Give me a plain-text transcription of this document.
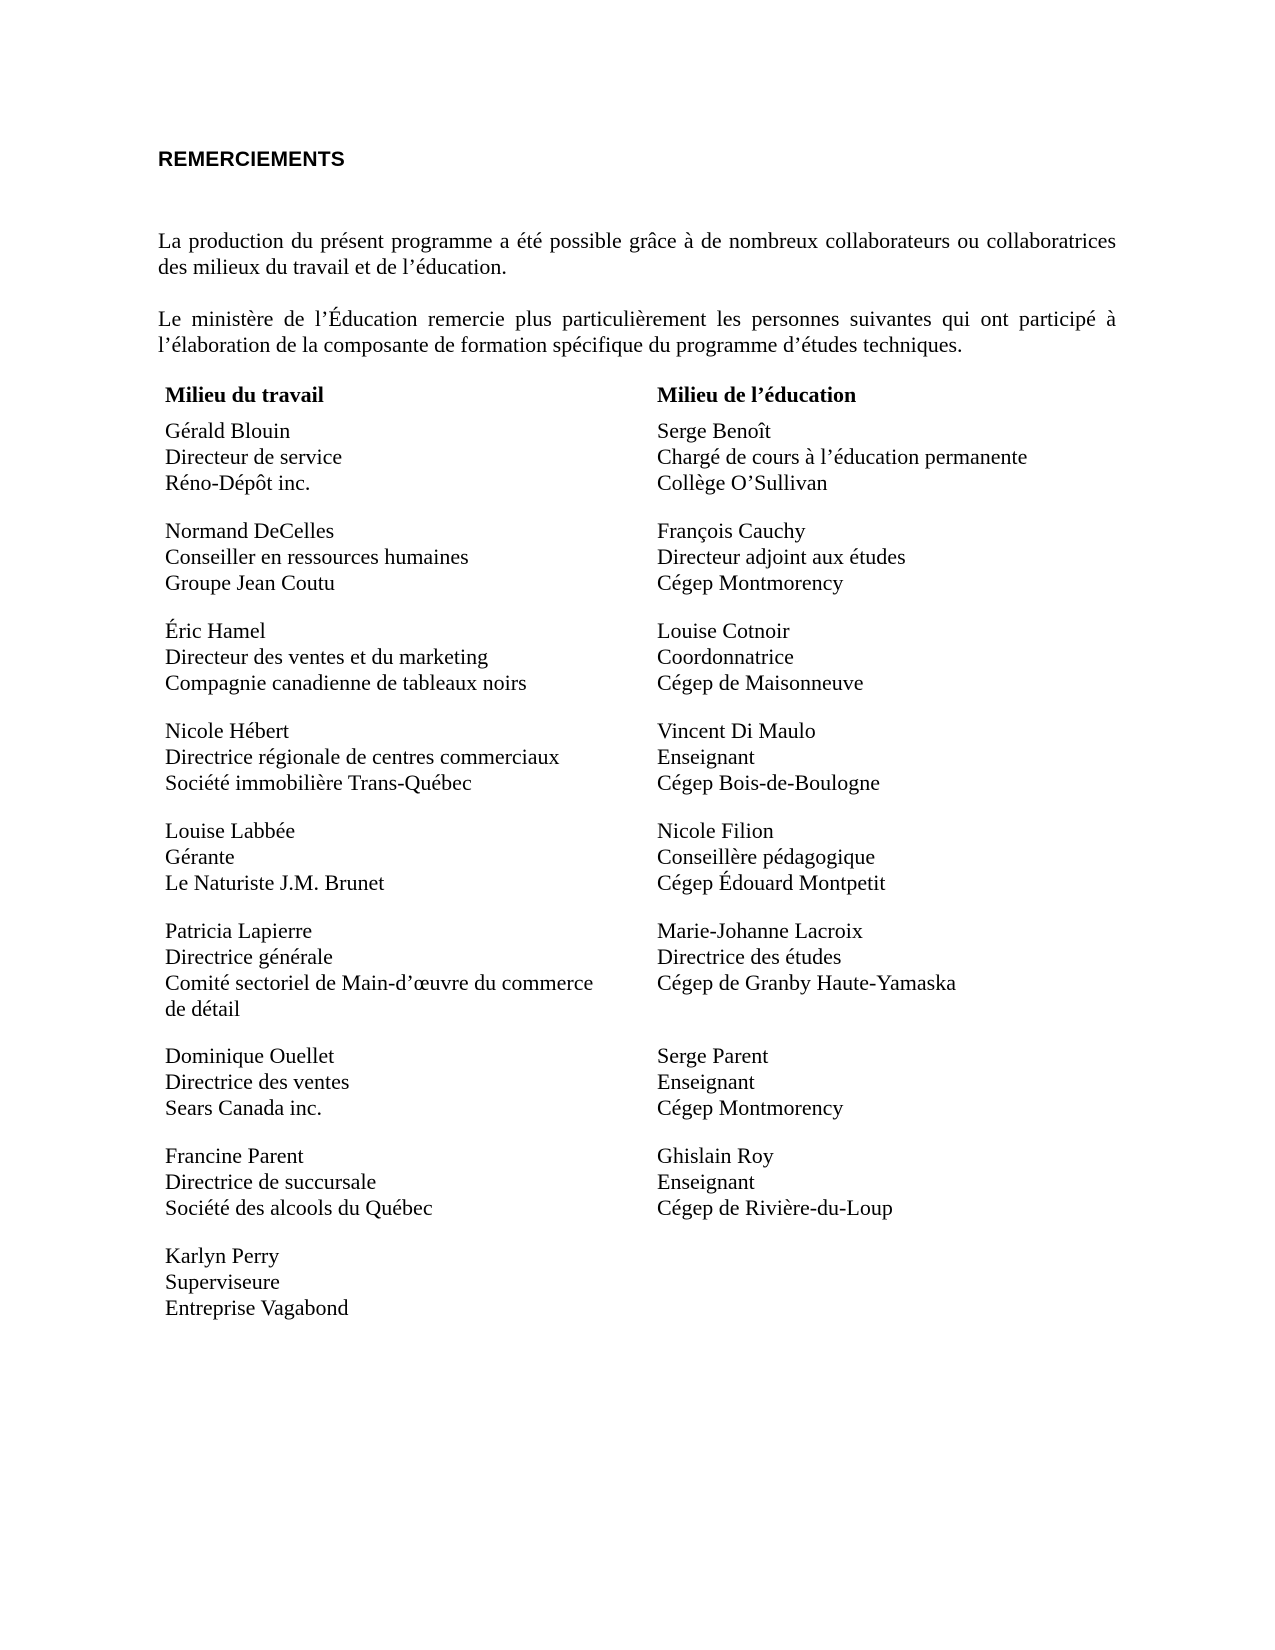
REMERCIEMENTS

La production du présent programme a été possible grâce à de nombreux collaborateurs ou collaboratrices des milieux du travail et de l’éducation.

Le ministère de l’Éducation remercie plus particulièrement les personnes suivantes qui ont participé à l’élaboration de la composante de formation spécifique du programme d’études techniques.

Milieu du travail
Gérald Blouin
Directeur de service
Réno-Dépôt inc.
Normand DeCelles
Conseiller en ressources humaines
Groupe Jean Coutu
Éric Hamel
Directeur des ventes et du marketing
Compagnie canadienne de tableaux noirs
Nicole Hébert
Directrice régionale de centres commerciaux
Société immobilière Trans-Québec
Louise Labbée
Gérante
Le Naturiste J.M. Brunet
Patricia Lapierre
Directrice générale
Comité sectoriel de Main-d’œuvre du commerce
de détail
Dominique Ouellet
Directrice des ventes
Sears Canada inc.
Francine Parent
Directrice de succursale
Société des alcools du Québec
Karlyn Perry
Superviseure
Entreprise Vagabond
Milieu de l’éducation
Serge Benoît
Chargé de cours à l’éducation permanente
Collège O’Sullivan
François Cauchy
Directeur adjoint aux études
Cégep Montmorency
Louise Cotnoir
Coordonnatrice
Cégep de Maisonneuve
Vincent Di Maulo
Enseignant
Cégep Bois-de-Boulogne
Nicole Filion
Conseillère pédagogique
Cégep Édouard Montpetit
Marie-Johanne Lacroix
Directrice des études
Cégep de Granby Haute-Yamaska
Serge Parent
Enseignant
Cégep Montmorency
Ghislain Roy
Enseignant
Cégep de Rivière-du-Loup
